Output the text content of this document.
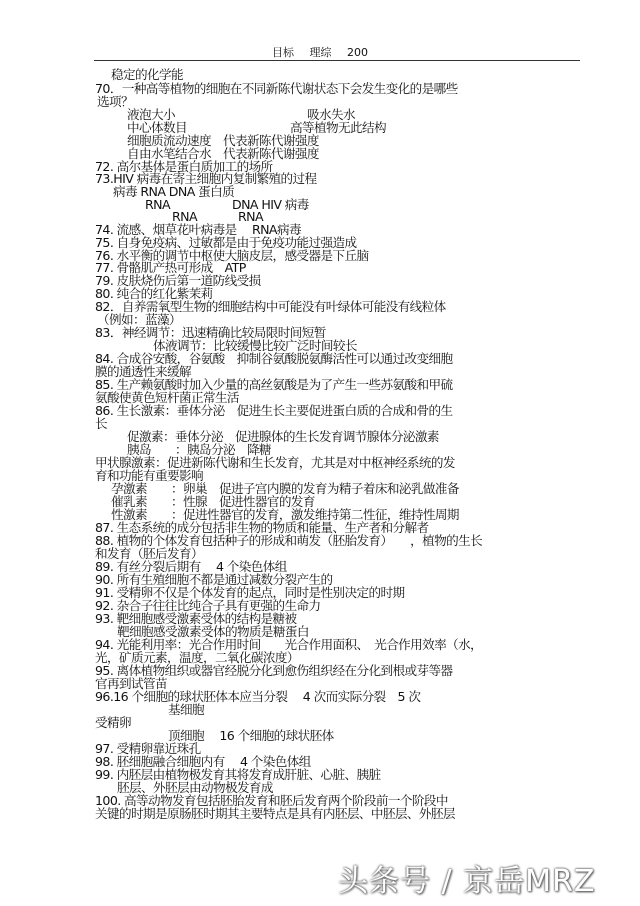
目标 理综 200
稳定的化学能
70．一种高等植物的细胞在不同新陈代谢状态下会发生变化的是哪些
选项？
液泡大小	吸水失水
中心体数目	高等植物无此结构
细胞质流动速度　代表新陈代谢强度
自由水笔结合水　代表新陈代谢强度
72. 高尔基体是蛋白质加工的场所
73.HIV 病毒在寄主细胞内复制繁殖的过程
病毒 RNA DNA 蛋白质
RNA	DNA HIV 病毒
RNA	RNA
74. 流感、烟草花叶病毒是　 RNA病毒
75. 自身免疫病、过敏都是由于免疫功能过强造成
76. 水平衡的调节中枢使大脑皮层，感受器是下丘脑
77. 骨骼肌产热可形成　ATP
79. 皮肤烧伤后第一道防线受损
80. 纯合的红化紫茉莉
82．自养需氧型生物的细胞结构中可能没有叶绿体可能没有线粒体
（例如：蓝藻）
83．神经调节：迅速精确比较局限时间短暂
体液调节：比较缓慢比较广泛时间较长
84. 合成谷安酸，谷氨酸　抑制谷氨酸脱氨酶活性可以通过改变细胞
膜的通透性来缓解
85. 生产赖氨酸时加入少量的高丝氨酸是为了产生一些苏氨酸和甲硫
氨酸使黄色短杆菌正常生活
86. 生长激素：垂体分泌　促进生长主要促进蛋白质的合成和骨的生
长
促激素：垂体分泌　促进腺体的生长发育调节腺体分泌激素
胰岛　　：胰岛分泌　降糖
甲状腺激素：促进新陈代谢和生长发育，尤其是对中枢神经系统的发
育和功能有重要影响
孕激素　　：卵巢　促进子宫内膜的发育为精子着床和泌乳做准备
催乳素　　：性腺　促进性器官的发育
性激素　　：促进性器官的发育，激发维持第二性征，维持性周期
87. 生态系统的成分包括非生物的物质和能量、生产者和分解者
88. 植物的个体发育包括种子的形成和萌发（胚胎发育）　　，植物的生长
和发育（胚后发育）
89. 有丝分裂后期有　 4 个染色体组
90. 所有生殖细胞不都是通过减数分裂产生的
91. 受精卵不仅是个体发育的起点，同时是性别决定的时期
92. 杂合子往往比纯合子具有更强的生命力
93. 靶细胞感受激素受体的结构是糖被
靶细胞感受激素受体的物质是糖蛋白
94. 光能利用率：光合作用时间　　光合作用面积、　光合作用效率（水，
光，矿质元素，温度，二氧化碳浓度）
95. 离体植物组织或器官经脱分化到愈伤组织经在分化到根或芽等器
官再到试管苗
96.16 个细胞的球状胚体本应当分裂　 4 次而实际分裂　5 次
基细胞
受精卵
顶细胞　 16 个细胞的球状胚体
97. 受精卵靠近珠孔
98. 胚细胞融合细胞内有　 4 个染色体组
99. 内胚层由植物极发育其将发育成肝脏、心脏、胰脏
胚层、外胚层由动物极发育成
100. 高等动物发育包括胚胎发育和胚后发育两个阶段前一个阶段中
关键的时期是原肠胚时期其主要特点是具有内胚层、中胚层、外胚层
头条号 / 京岳MRZ
